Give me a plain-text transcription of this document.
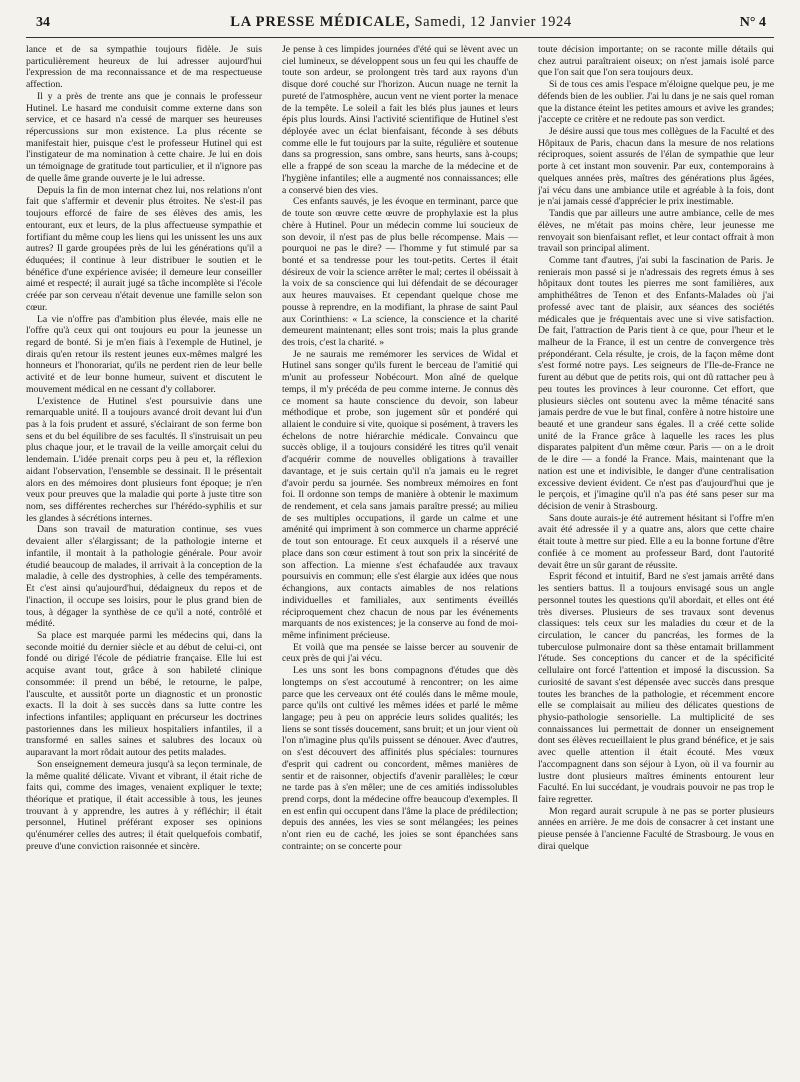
34	LA PRESSE MÉDICALE, Samedi, 12 Janvier 1924	N° 4

lance et de sa sympathie toujours fidèle. Je suis particulièrement heureux de lui adresser aujourd'hui l'expression de ma reconnaissance et de ma respectueuse affection.

Il y a près de trente ans que je connais le professeur Hutinel. Le hasard me conduisit comme externe dans son service, et ce hasard n'a cessé de marquer ses heureuses répercussions sur mon existence. La plus récente se manifestait hier, puisque c'est le professeur Hutinel qui est l'instigateur de ma nomination à cette chaire. Je lui en dois un témoignage de gratitude tout particulier, et il n'ignore pas de quelle âme grande ouverte je le lui adresse.

Depuis la fin de mon internat chez lui, nos relations n'ont fait que s'affermir et devenir plus étroites. Ne s'est-il pas toujours efforcé de faire de ses élèves des amis, les entourant, eux et leurs, de la plus affectueuse sympathie et fortifiant du même coup les liens qui les unissent les uns aux autres? Il garde groupées près de lui les générations qu'il a éduquées; il continue à leur distribuer le soutien et le bénéfice d'une expérience avisée; il demeure leur conseiller aimé et respecté; il aurait jugé sa tâche incomplète si l'école créée par son cerveau n'était devenue une famille selon son cœur.

La vie n'offre pas d'ambition plus élevée, mais elle ne l'offre qu'à ceux qui ont toujours eu pour la jeunesse un regard de bonté. Si je m'en fiais à l'exemple de Hutinel, je dirais qu'en retour ils restent jeunes eux-mêmes malgré les honneurs et l'honorariat, qu'ils ne perdent rien de leur belle activité et de leur bonne humeur, suivent et discutent le mouvement médical en ne cessant d'y collaborer.

L'existence de Hutinel s'est poursuivie dans une remarquable unité. Il a toujours avancé droit devant lui d'un pas à la fois prudent et assuré, s'éclairant de son ferme bon sens et du bel équilibre de ses facultés. Il s'instruisait un peu plus chaque jour, et le travail de la veille amorçait celui du lendemain. L'idée prenait corps peu à peu et, la réflexion aidant l'observation, l'ensemble se dessinait. Il le présentait alors en des mémoires dont plusieurs font époque; je n'en veux pour preuves que la maladie qui porte à juste titre son nom, ses différentes recherches sur l'hérédo-syphilis et sur les glandes à sécrétions internes.

Dans son travail de maturation continue, ses vues devaient aller s'élargissant; de la pathologie interne et infantile, il montait à la pathologie générale. Pour avoir étudié beaucoup de malades, il arrivait à la conception de la maladie, à celle des dystrophies, à celle des tempéraments. Et c'est ainsi qu'aujourd'hui, dédaigneux du repos et de l'inaction, il occupe ses loisirs, pour le plus grand bien de tous, à dégager la synthèse de ce qu'il a noté, contrôlé et médité.

Sa place est marquée parmi les médecins qui, dans la seconde moitié du dernier siècle et au début de celui-ci, ont fondé ou dirigé l'école de pédiatrie française. Elle lui est acquise avant tout, grâce à son habileté clinique consommée: il prend un bébé, le retourne, le palpe, l'ausculte, et aussitôt porte un diagnostic et un pronostic exacts. Il la doit à ses succès dans sa lutte contre les infections infantiles; appliquant en précurseur les doctrines pastoriennes dans les milieux hospitaliers infantiles, il a transformé en salles saines et salubres des locaux où auparavant la mort rôdait autour des petits malades.

Son enseignement demeura jusqu'à sa leçon terminale, de la même qualité délicate. Vivant et vibrant, il était riche de faits qui, comme des images, venaient expliquer le texte; théorique et pratique, il était accessible à tous, les jeunes trouvant à y apprendre, les autres à y réfléchir; il était personnel, Hutinel préférant exposer ses opinions qu'énumérer celles des autres; il était quelquefois combatif, preuve d'une conviction raisonnée et sincère.

Je pense à ces limpides journées d'été qui se lèvent avec un ciel lumineux, se développent sous un feu qui les chauffe de toute son ardeur, se prolongent très tard aux rayons d'un disque doré couché sur l'horizon. Aucun nuage ne ternit la pureté de l'atmosphère, aucun vent ne vient porter la menace de la tempête. Le soleil a fait les blés plus jaunes et leurs épis plus lourds. Ainsi l'activité scientifique de Hutinel s'est déployée avec un éclat bienfaisant, féconde à ses débuts comme elle le fut toujours par la suite, régulière et soutenue dans sa progression, sans ombre, sans heurts, sans à-coups; elle a frappé de son sceau la marche de la médecine et de l'hygiène infantiles; elle a augmenté nos connaissances; elle a conservé bien des vies.

Ces enfants sauvés, je les évoque en terminant, parce que de toute son œuvre cette œuvre de prophylaxie est la plus chère à Hutinel. Pour un médecin comme lui soucieux de son devoir, il n'est pas de plus belle récompense. Mais — pourquoi ne pas le dire? — l'homme y fut stimulé par sa bonté et sa tendresse pour les tout-petits. Certes il était désireux de voir la science arrêter le mal; certes il obéissait à la voix de sa conscience qui lui défendait de se décourager aux heures mauvaises. Et cependant quelque chose me pousse à reprendre, en la modifiant, la phrase de saint Paul aux Corinthiens: « La science, la conscience et la charité demeurent maintenant; elles sont trois; mais la plus grande des trois, c'est la charité. »

Je ne saurais me remémorer les services de Widal et Hutinel sans songer qu'ils furent le berceau de l'amitié qui m'unit au professeur Nobécourt. Mon aîné de quelque temps, il m'y précéda de peu comme interne. Je connus dès ce moment sa haute conscience du devoir, son labeur méthodique et probe, son jugement sûr et pondéré qui allaient le conduire si vite, quoique si posément, à travers les échelons de notre hiérarchie médicale. Convaincu que succès oblige, il a toujours considéré les titres qu'il venait d'acquérir comme de nouvelles obligations à travailler davantage, et je suis certain qu'il n'a jamais eu le regret d'avoir perdu sa journée. Ses nombreux mémoires en font foi. Il ordonne son temps de manière à obtenir le maximum de rendement, et cela sans jamais paraître pressé; au milieu de ses multiples occupations, il garde un calme et une aménité qui impriment à son commerce un charme apprécié de tout son entourage. Et ceux auxquels il a réservé une place dans son cœur estiment à tout son prix la sincérité de son affection. La mienne s'est échafaudée aux travaux poursuivis en commun; elle s'est élargie aux idées que nous échangions, aux contacts aimables de nos relations individuelles et familiales, aux sentiments éveillés réciproquement chez chacun de nous par les événements marquants de nos existences; je la conserve au fond de moi-même infiniment précieuse.

Et voilà que ma pensée se laisse bercer au souvenir de ceux près de qui j'ai vécu.

Les uns sont les bons compagnons d'études que dès longtemps on s'est accoutumé à rencontrer; on les aime parce que les cerveaux ont été coulés dans le même moule, parce qu'ils ont cultivé les mêmes idées et parlé le même langage; peu à peu on apprécie leurs solides qualités; les liens se sont tissés doucement, sans bruit; et un jour vient où l'on n'imagine plus qu'ils puissent se dénouer. Avec d'autres, on s'est découvert des affinités plus spéciales: tournures d'esprit qui cadrent ou concordent, mêmes manières de sentir et de raisonner, objectifs d'avenir parallèles; le cœur ne tarde pas à s'en mêler; une de ces amitiés indissolubles prend corps, dont la médecine offre beaucoup d'exemples. Il en est enfin qui occupent dans l'âme la place de prédilection; depuis des années, les vies se sont mélangées; les peines n'ont rien eu de caché, les joies se sont épanchées sans contrainte; on se concerte pour

toute décision importante; on se raconte mille détails qui chez autrui paraîtraient oiseux; on n'est jamais isolé parce que l'on sait que l'on sera toujours deux.

Si de tous ces amis l'espace m'éloigne quelque peu, je me défends bien de les oublier. J'ai lu dans je ne sais quel roman que la distance éteint les petites amours et avive les grandes; j'accepte ce critère et ne redoute pas son verdict.

Je désire aussi que tous mes collègues de la Faculté et des Hôpitaux de Paris, chacun dans la mesure de nos relations réciproques, soient assurés de l'élan de sympathie que leur porte à cet instant mon souvenir. Par eux, contemporains à quelques années près, maîtres des générations plus âgées, j'ai vécu dans une ambiance utile et agréable à la fois, dont je n'ai jamais cessé d'apprécier le prix inestimable.

Tandis que par ailleurs une autre ambiance, celle de mes élèves, ne m'était pas moins chère, leur jeunesse me renvoyait son bienfaisant reflet, et leur contact offrait à mon travail son principal aliment.

Comme tant d'autres, j'ai subi la fascination de Paris. Je renierais mon passé si je n'adressais des regrets émus à ses hôpitaux dont toutes les pierres me sont familières, aux amphithéâtres de Tenon et des Enfants-Malades où j'ai professé avec tant de plaisir, aux séances des sociétés médicales que je fréquentais avec une si vive satisfaction. De fait, l'attraction de Paris tient à ce que, pour l'heur et le malheur de la France, il est un centre de convergence très prépondérant. Cela résulte, je crois, de la façon même dont s'est formé notre pays. Les seigneurs de l'Ile-de-France ne furent au début que de petits rois, qui ont dû rattacher peu à peu toutes les provinces à leur couronne. Cet effort, que plusieurs siècles ont soutenu avec la même ténacité sans jamais perdre de vue le but final, confère à notre histoire une beauté et une grandeur sans égales. Il a créé cette solide unité de la France grâce à laquelle les races les plus disparates palpitent d'un même cœur. Paris — on a le droit de le dire — a fondé la France. Mais, maintenant que la nation est une et indivisible, le danger d'une centralisation excessive devient évident. Ce n'est pas d'aujourd'hui que je le perçois, et j'imagine qu'il n'a pas été sans peser sur ma décision de venir à Strasbourg.

Sans doute aurais-je été autrement hésitant si l'offre m'en avait été adressée il y a quatre ans, alors que cette chaire était toute à mettre sur pied. Elle a eu la bonne fortune d'être confiée à ce moment au professeur Bard, dont l'autorité devait être un sûr garant de réussite.

Esprit fécond et intuitif, Bard ne s'est jamais arrêté dans les sentiers battus. Il a toujours envisagé sous un angle personnel toutes les questions qu'il abordait, et elles ont été très diverses. Plusieurs de ses travaux sont devenus classiques: tels ceux sur les maladies du cœur et de la circulation, le cancer du pancréas, les formes de la tuberculose pulmonaire dont sa thèse entamait brillamment l'étude. Ses conceptions du cancer et de la spécificité cellulaire ont forcé l'attention et imposé la discussion. Sa curiosité de savant s'est dépensée avec succès dans presque toutes les branches de la pathologie, et récemment encore elle se complaisait au milieu des délicates questions de physio-pathologie sensorielle. La multiplicité de ses connaissances lui permettait de donner un enseignement dont ses élèves recueillaient le plus grand bénéfice, et je sais avec quelle attention il était écouté. Mes vœux l'accompagnent dans son séjour à Lyon, où il va fournir au lustre dont plusieurs maîtres éminents entourent leur Faculté. En lui succédant, je voudrais pouvoir ne pas trop le faire regretter.

Mon regard aurait scrupule à ne pas se porter plusieurs années en arrière. Je me dois de consacrer à cet instant une pieuse pensée à l'ancienne Faculté de Strasbourg. Je vous en dirai quelque
